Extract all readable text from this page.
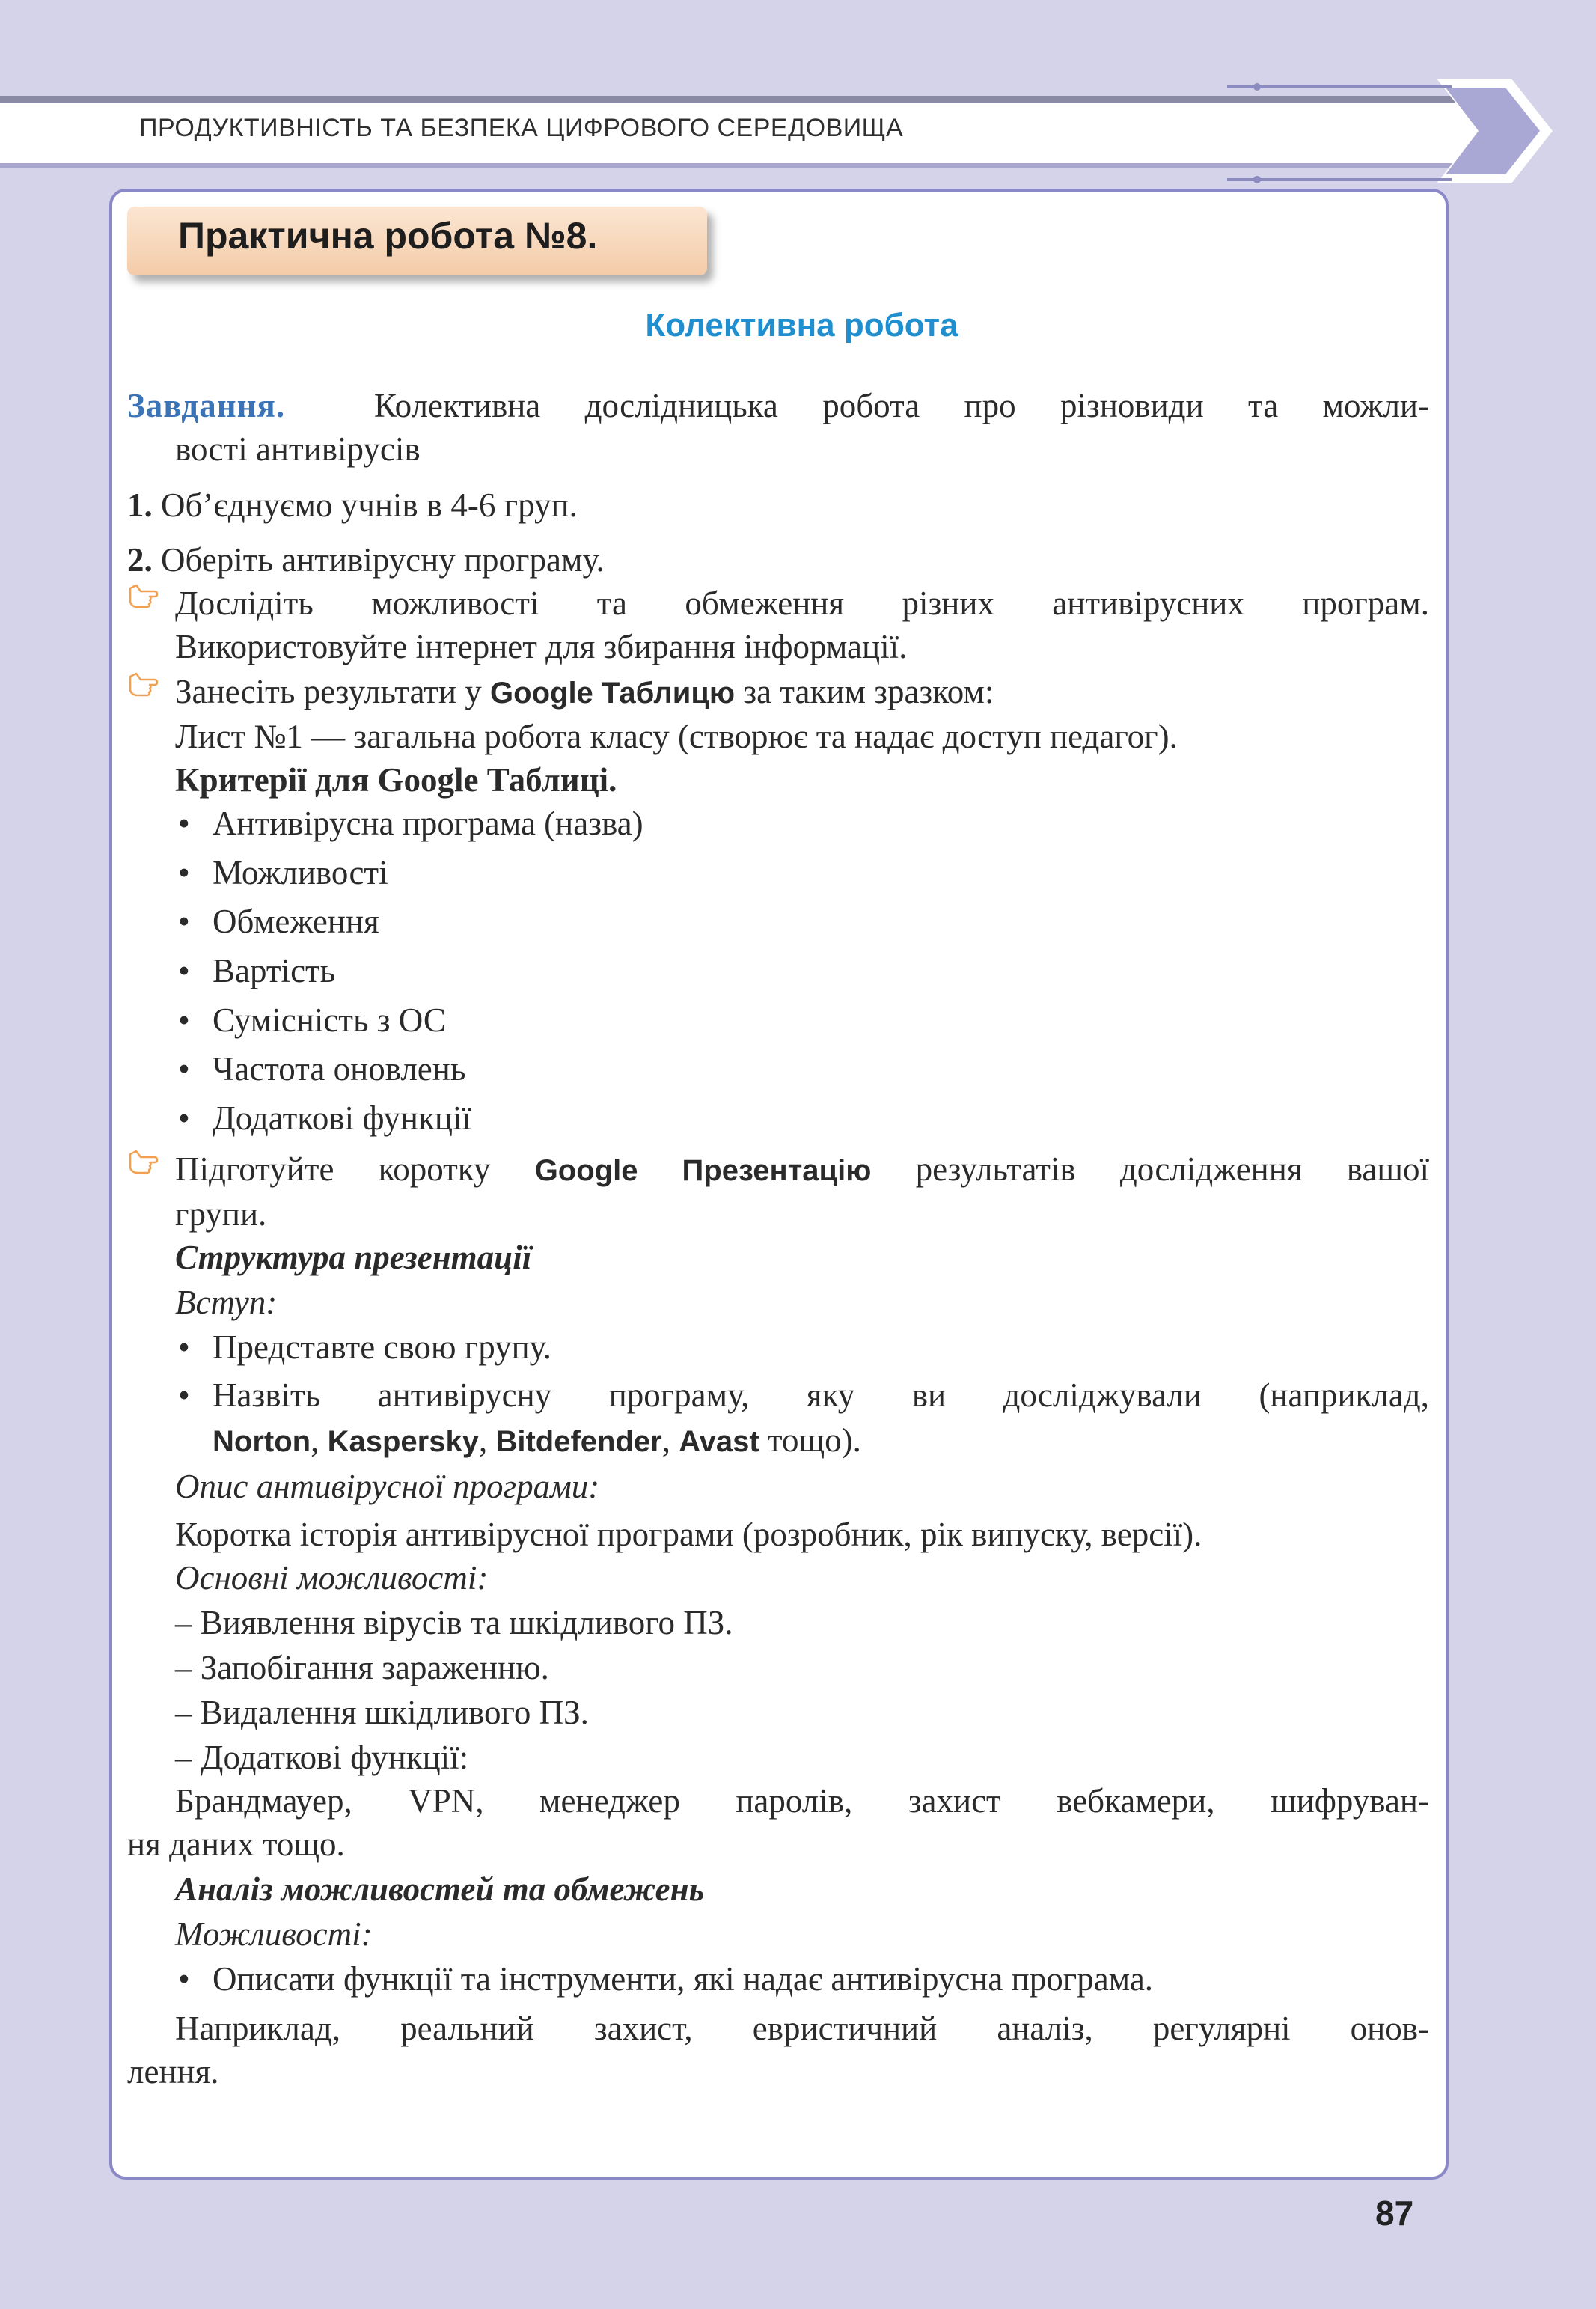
ПРОДУКТИВНІСТЬ ТА БЕЗПЕКА ЦИФРОВОГО СЕРЕДОВИЩА
Практична робота №8.
Колективна робота
Завдання.	Колективна дослідницька робота про різновиди та можли-
вості антивірусів
1. Об’єднуємо учнів в 4-6 груп.
2. Оберіть антивірусну програму.
Дослідіть можливості та обмеження різних антивірусних програм.
Використовуйте інтернет для збирання інформації.
Занесіть результати у Google Таблицю за таким зразком:
Лист №1 — загальна робота класу (створює та надає доступ педагог).
Критерії для Google Таблиці.
• Антивірусна програма (назва)
• Можливості
• Обмеження
• Вартість
• Сумісність з ОС
• Частота оновлень
• Додаткові функції
Підготуйте коротку Google Презентацію результатів дослідження вашої
групи.
Структура презентації
Вступ:
• Представте свою групу.
• Назвіть антивірусну програму, яку ви досліджували (наприклад,
Norton, Kaspersky, Bitdefender, Avast тощо).
Опис антивірусної програми:
Коротка історія антивірусної програми (розробник, рік випуску, версії).
Основні можливості:
– Виявлення вірусів та шкідливого ПЗ.
– Запобігання зараженню.
– Видалення шкідливого ПЗ.
– Додаткові функції:
Брандмауер, VPN, менеджер паролів, захист вебкамери, шифруван-
ня даних тощо.
Аналіз можливостей та обмежень
Можливості:
• Описати функції та інструменти, які надає антивірусна програма.
Наприклад, реальний захист, евристичний аналіз, регулярні онов-
лення.
87
